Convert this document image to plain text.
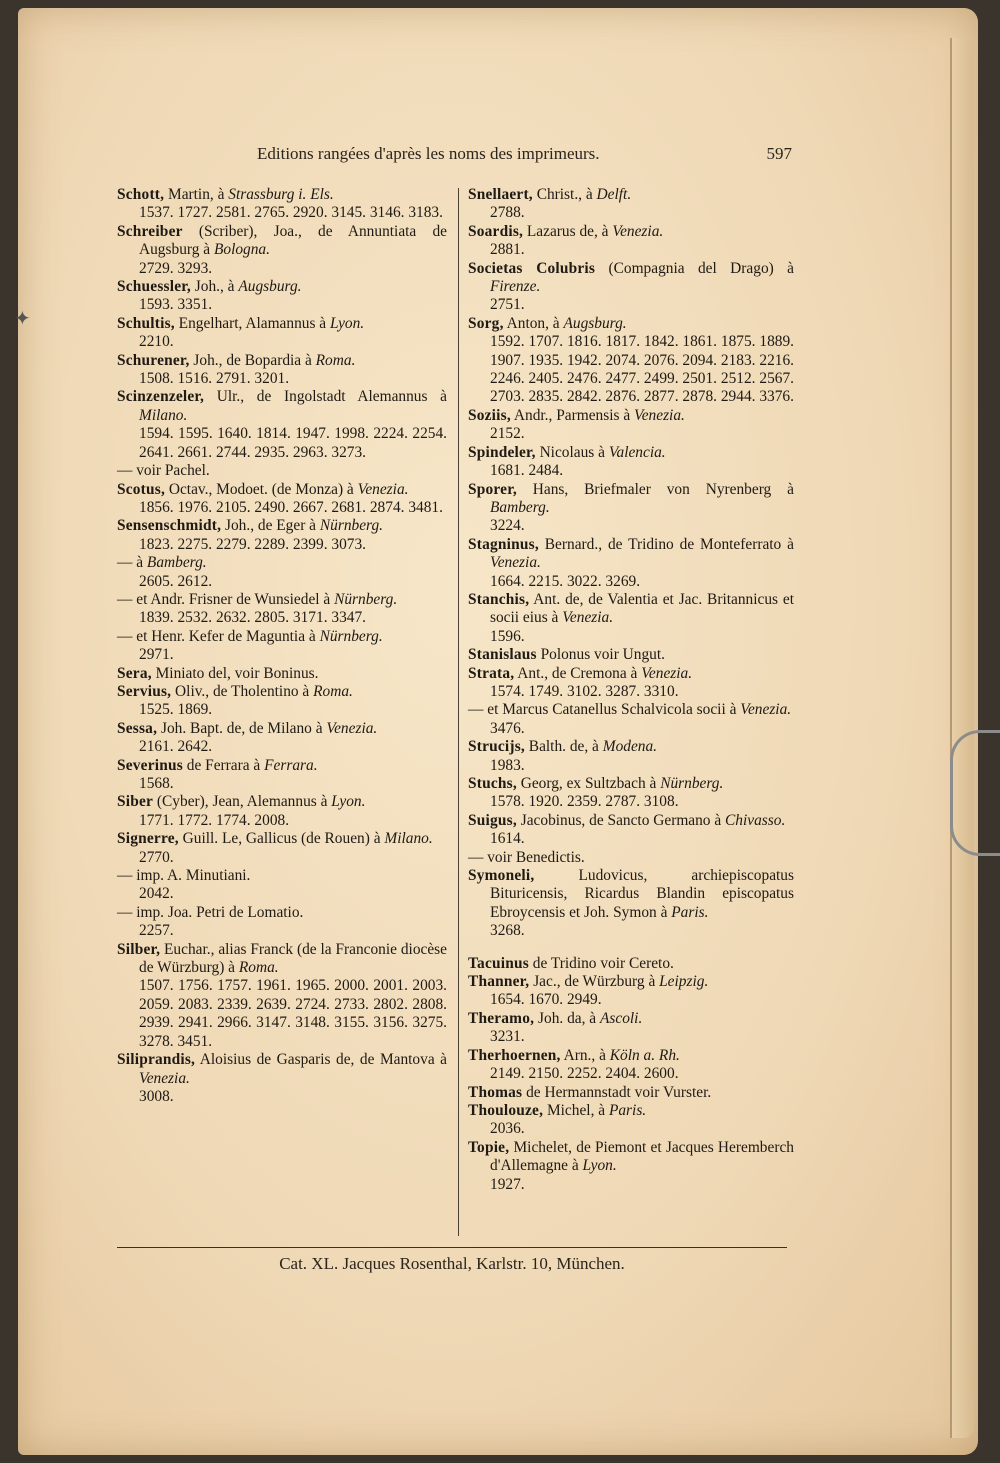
✦
Editions rangées d'après les noms des imprimeurs.	597
Schott, Martin, à Strassburg i. Els.
1537. 1727. 2581. 2765. 2920. 3145. 3146. 3183.
Schreiber (Scriber), Joa., de Annuntiata de Augsburg à Bologna.
2729. 3293.
Schuessler, Joh., à Augsburg.
1593. 3351.
Schultis, Engelhart, Alamannus à Lyon.
2210.
Schurener, Joh., de Bopardia à Roma.
1508. 1516. 2791. 3201.
Scinzenzeler, Ulr., de Ingolstadt Alemannus à Milano.
1594. 1595. 1640. 1814. 1947. 1998. 2224. 2254. 2641. 2661. 2744. 2935. 2963. 3273.
— voir Pachel.
Scotus, Octav., Modoet. (de Monza) à Venezia.
1856. 1976. 2105. 2490. 2667. 2681. 2874. 3481.
Sensenschmidt, Joh., de Eger à Nürnberg.
1823. 2275. 2279. 2289. 2399. 3073.
— à Bamberg.
2605. 2612.
— et Andr. Frisner de Wunsiedel à Nürnberg.
1839. 2532. 2632. 2805. 3171. 3347.
— et Henr. Kefer de Maguntia à Nürnberg.
2971.
Sera, Miniato del, voir Boninus.
Servius, Oliv., de Tholentino à Roma.
1525. 1869.
Sessa, Joh. Bapt. de, de Milano à Venezia.
2161. 2642.
Severinus de Ferrara à Ferrara.
1568.
Siber (Cyber), Jean, Alemannus à Lyon.
1771. 1772. 1774. 2008.
Signerre, Guill. Le, Gallicus (de Rouen) à Milano.
2770.
— imp. A. Minutiani.
2042.
— imp. Joa. Petri de Lomatio.
2257.
Silber, Euchar., alias Franck (de la Franconie diocèse de Würzburg) à Roma.
1507. 1756. 1757. 1961. 1965. 2000. 2001. 2003. 2059. 2083. 2339. 2639. 2724. 2733. 2802. 2808. 2939. 2941. 2966. 3147. 3148. 3155. 3156. 3275. 3278. 3451.
Siliprandis, Aloisius de Gasparis de, de Mantova à Venezia.
3008.
Snellaert, Christ., à Delft.
2788.
Soardis, Lazarus de, à Venezia.
2881.
Societas Colubris (Compagnia del Drago) à Firenze.
2751.
Sorg, Anton, à Augsburg.
1592. 1707. 1816. 1817. 1842. 1861. 1875. 1889. 1907. 1935. 1942. 2074. 2076. 2094. 2183. 2216. 2246. 2405. 2476. 2477. 2499. 2501. 2512. 2567. 2703. 2835. 2842. 2876. 2877. 2878. 2944. 3376.
Soziis, Andr., Parmensis à Venezia.
2152.
Spindeler, Nicolaus à Valencia.
1681. 2484.
Sporer, Hans, Briefmaler von Nyrenberg à Bamberg.
3224.
Stagninus, Bernard., de Tridino de Monteferrato à Venezia.
1664. 2215. 3022. 3269.
Stanchis, Ant. de, de Valentia et Jac. Britannicus et socii eius à Venezia.
1596.
Stanislaus Polonus voir Ungut.
Strata, Ant., de Cremona à Venezia.
1574. 1749. 3102. 3287. 3310.
— et Marcus Catanellus Schalvicola socii à Venezia.
3476.
Strucijs, Balth. de, à Modena.
1983.
Stuchs, Georg, ex Sultzbach à Nürnberg.
1578. 1920. 2359. 2787. 3108.
Suigus, Jacobinus, de Sancto Germano à Chivasso.
1614.
— voir Benedictis.
Symoneli, Ludovicus, archiepiscopatus Bituricensis, Ricardus Blandin episcopatus Ebroycensis et Joh. Symon à Paris.
3268.
Tacuinus de Tridino voir Cereto.
Thanner, Jac., de Würzburg à Leipzig.
1654. 1670. 2949.
Theramo, Joh. da, à Ascoli.
3231.
Therhoernen, Arn., à Köln a. Rh.
2149. 2150. 2252. 2404. 2600.
Thomas de Hermannstadt voir Vurster.
Thoulouze, Michel, à Paris.
2036.
Topie, Michelet, de Piemont et Jacques Heremberch d'Allemagne à Lyon.
1927.
Cat. XL. Jacques Rosenthal, Karlstr. 10, München.
